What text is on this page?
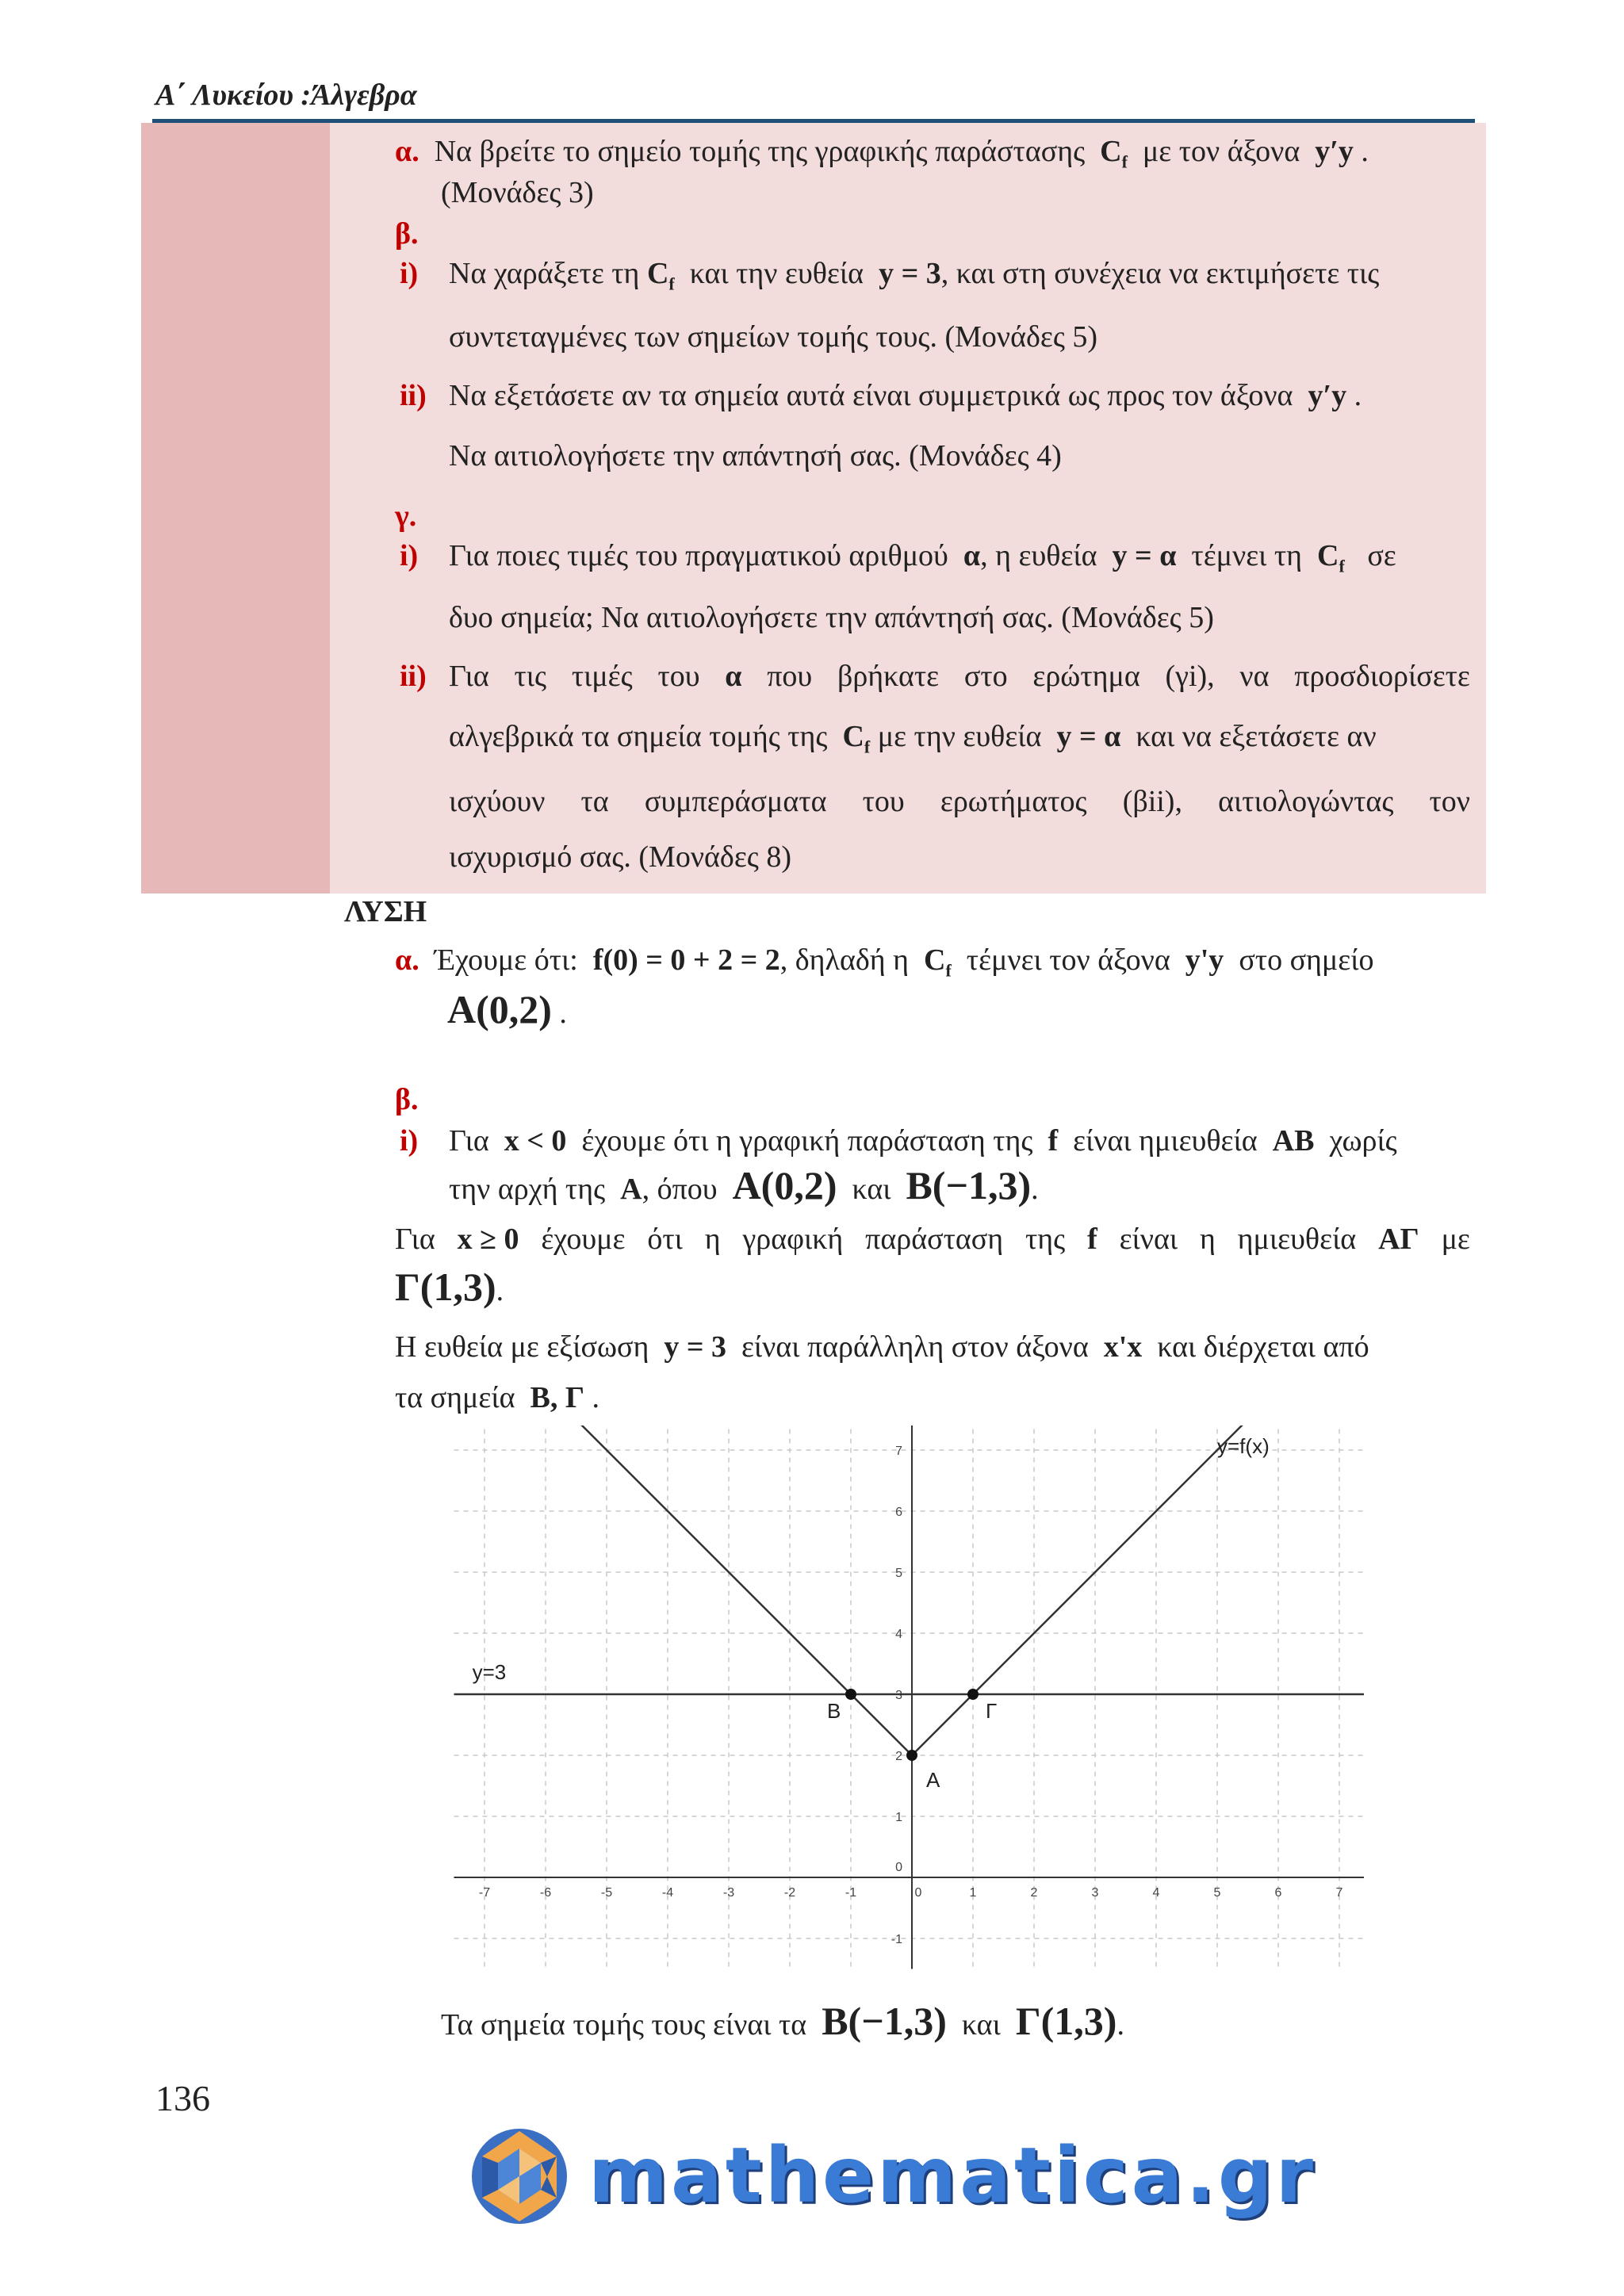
Α΄ Λυκείου :Άλγεβρα
α. Να βρείτε το σημείο τομής της γραφικής παράστασης $C_f$ με τον άξονα y′y .
(Μονάδες 3)
β.
i) Να χαράξετε τη $C_f$ και την ευθεία y = 3, και στη συνέχεια να εκτιμήσετε τις
συντεταγμένες των σημείων τομής τους. (Μονάδες 5)
ii) Να εξετάσετε αν τα σημεία αυτά είναι συμμετρικά ως προς τον άξονα y′y .
Να αιτιολογήσετε την απάντησή σας. (Μονάδες 4)
γ.
i) Για ποιες τιμές του πραγματικού αριθμού α, η ευθεία y = α τέμνει τη $C_f$ σε
δυο σημεία; Να αιτιολογήσετε την απάντησή σας. (Μονάδες 5)
ii) Για τις τιμές του α που βρήκατε στο ερώτημα (γi), να προσδιορίσετε
αλγεβρικά τα σημεία τομής της $C_f$ με την ευθεία y = α και να εξετάσετε αν
ισχύουν τα συμπεράσματα του ερωτήματος (βii), αιτιολογώντας τον
ισχυρισμό σας. (Μονάδες 8)
ΛΥΣΗ
α. Έχουμε ότι: f(0) = 0 + 2 = 2, δηλαδή η $C_f$ τέμνει τον άξονα y'y στο σημείο
Α(0,2) .
β.
i) Για x < 0 έχουμε ότι η γραφική παράσταση της f είναι ημιευθεία ΑΒ χωρίς
την αρχή της Α, όπου Α(0,2) και Β(−1,3).
Για x ≥ 0 έχουμε ότι η γραφική παράσταση της f είναι η ημιευθεία ΑΓ με
Γ(1,3).
Η ευθεία με εξίσωση y = 3 είναι παράλληλη στον άξονα x'x και διέρχεται από
τα σημεία Β, Γ .
-7	-6	-5	-4	-3	-2	-1	0	1	2	3	4	5	6	7
0
-1
1
2
3
4
5
6
7	y=f(x)
y=3
Β	Γ
Α
Τα σημεία τομής τους είναι τα Β(−1,3) και Γ(1,3).
136
mathematica.gr
